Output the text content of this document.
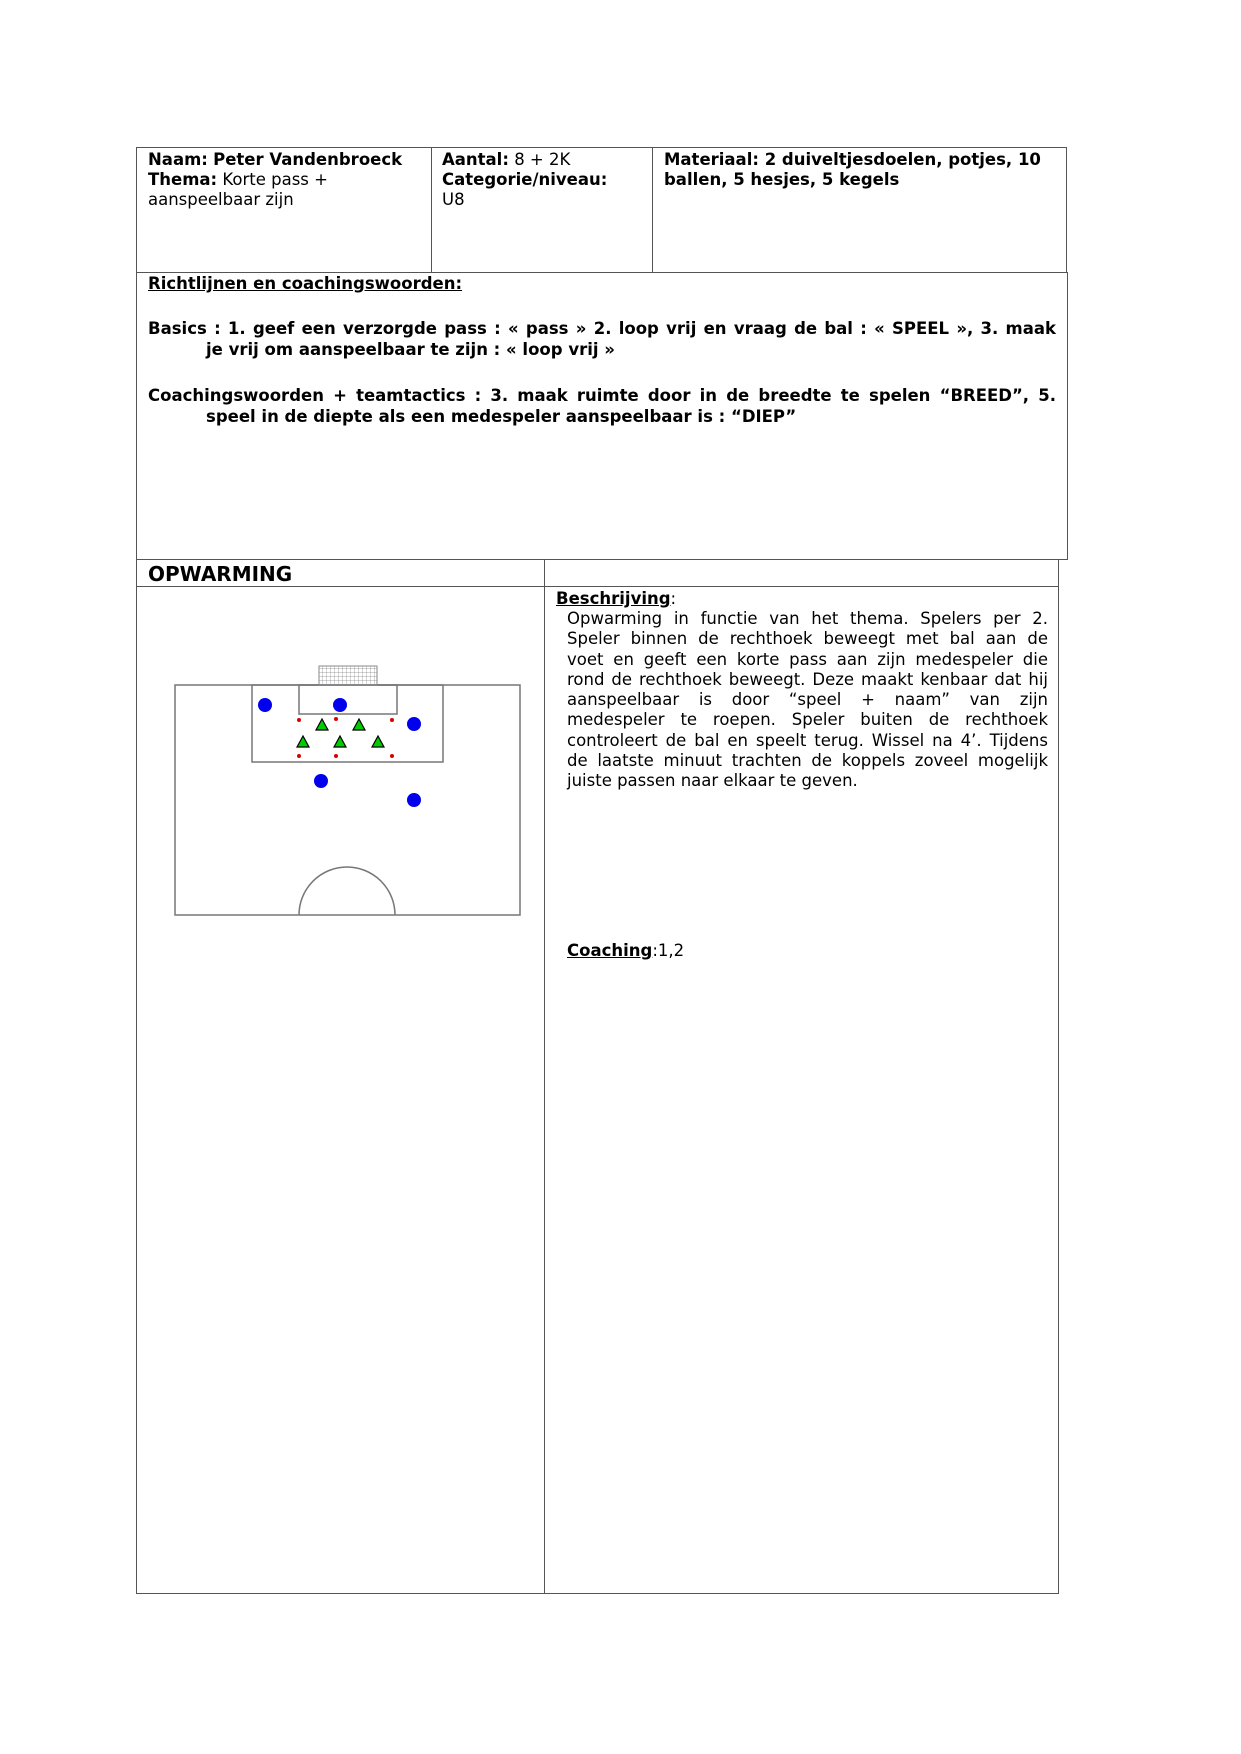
Naam: Peter Vandenbroeck
Thema: Korte pass +
aanspeelbaar zijn
Aantal: 8 + 2K
Categorie/niveau:
U8
Materiaal: 2 duiveltjesdoelen, potjes, 10
ballen, 5 hesjes, 5 kegels
Richtlijnen en coachingswoorden:
Basics : 1. geef een verzorgde pass : « pass » 2. loop vrij en vraag de bal : « SPEEL », 3. maak
je vrij om aanspeelbaar te zijn : « loop vrij »
Coachingswoorden + teamtactics : 3. maak ruimte door in de breedte te spelen “BREED”, 5.
speel in de diepte als een medespeler aanspeelbaar is : “DIEP”
OPWARMING
Beschrijving:
Opwarming in functie van het thema. Spelers per 2.
Speler binnen de rechthoek beweegt met bal aan de
voet en geeft een korte pass aan zijn medespeler die
rond de rechthoek beweegt. Deze maakt kenbaar dat hij
aanspeelbaar is door “speel + naam” van zijn
medespeler te roepen. Speler buiten de rechthoek
controleert de bal en speelt terug. Wissel na 4’. Tijdens
de laatste minuut trachten de koppels zoveel mogelijk
juiste passen naar elkaar te geven.
Coaching:1,2
